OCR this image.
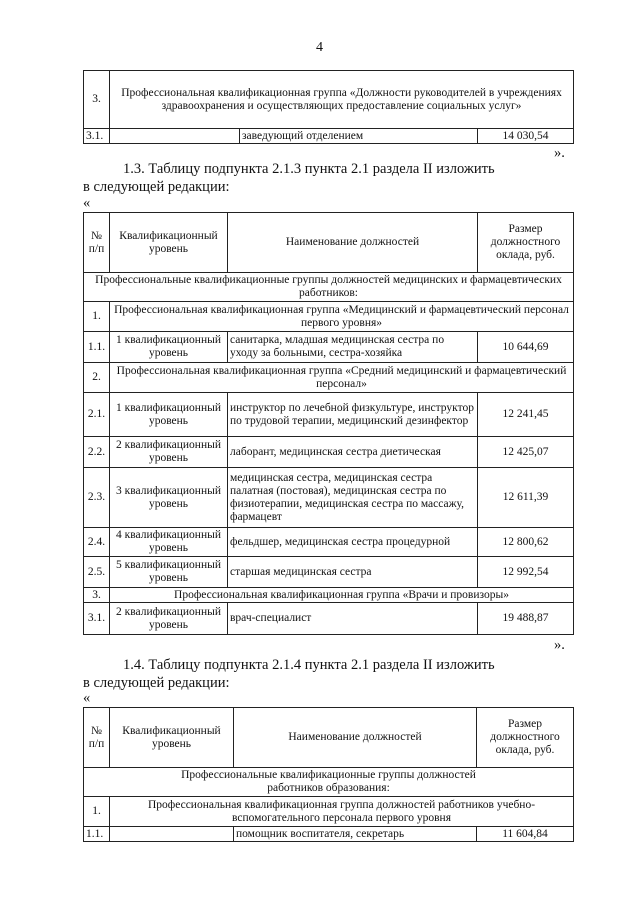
4
3.	Профессиональная квалификационная группа «Должности руководителей в учреждениях здравоохранения и осуществляющих предоставление социальных услуг»		
3.1.		заведующий отделением	14 030,54
».
1.3. Таблицу подпункта 2.1.3 пункта 2.1 раздела II изложить
в следующей редакции:
«
№ п/п	Квалификационный уровень	Наименование должностей	Размер должностного оклада, руб.
Профессиональные квалификационные группы должностей медицинских и фармацевтических работников:			
1.	Профессиональная квалификационная группа «Медицинский и фармацевтический персонал первого уровня»		
1.1.	1 квалификационный уровень	санитарка, младшая медицинская сестра по уходу за больными, сестра-хозяйка	10 644,69
2.	Профессиональная квалификационная группа «Средний медицинский и фармацевтический персонал»		
2.1.	1 квалификационный уровень	инструктор по лечебной физкультуре, инструктор по трудовой терапии, медицинский дезинфектор	12 241,45
2.2.	2 квалификационный уровень	лаборант, медицинская сестра диетическая	12 425,07
2.3.	3 квалификационный уровень	медицинская сестра, медицинская сестра палатная (постовая), медицинская сестра по физиотерапии, медицинская сестра по массажу, фармацевт	12 611,39
2.4.	4 квалификационный уровень	фельдшер, медицинская сестра процедурной	12 800,62
2.5.	5 квалификационный уровень	старшая медицинская сестра	12 992,54
3.	Профессиональная квалификационная группа «Врачи и провизоры»		
3.1.	2 квалификационный уровень	врач-специалист	19 488,87
».
1.4. Таблицу подпункта 2.1.4 пункта 2.1 раздела II изложить
в следующей редакции:
«
№ п/п	Квалификационный уровень	Наименование должностей	Размер должностного оклада, руб.
Профессиональные квалификационные группы должностей работников образования:			
1.	Профессиональная квалификационная группа должностей работников учебно-вспомогательного персонала первого уровня		
1.1.		помощник воспитателя, секретарь	11 604,84
